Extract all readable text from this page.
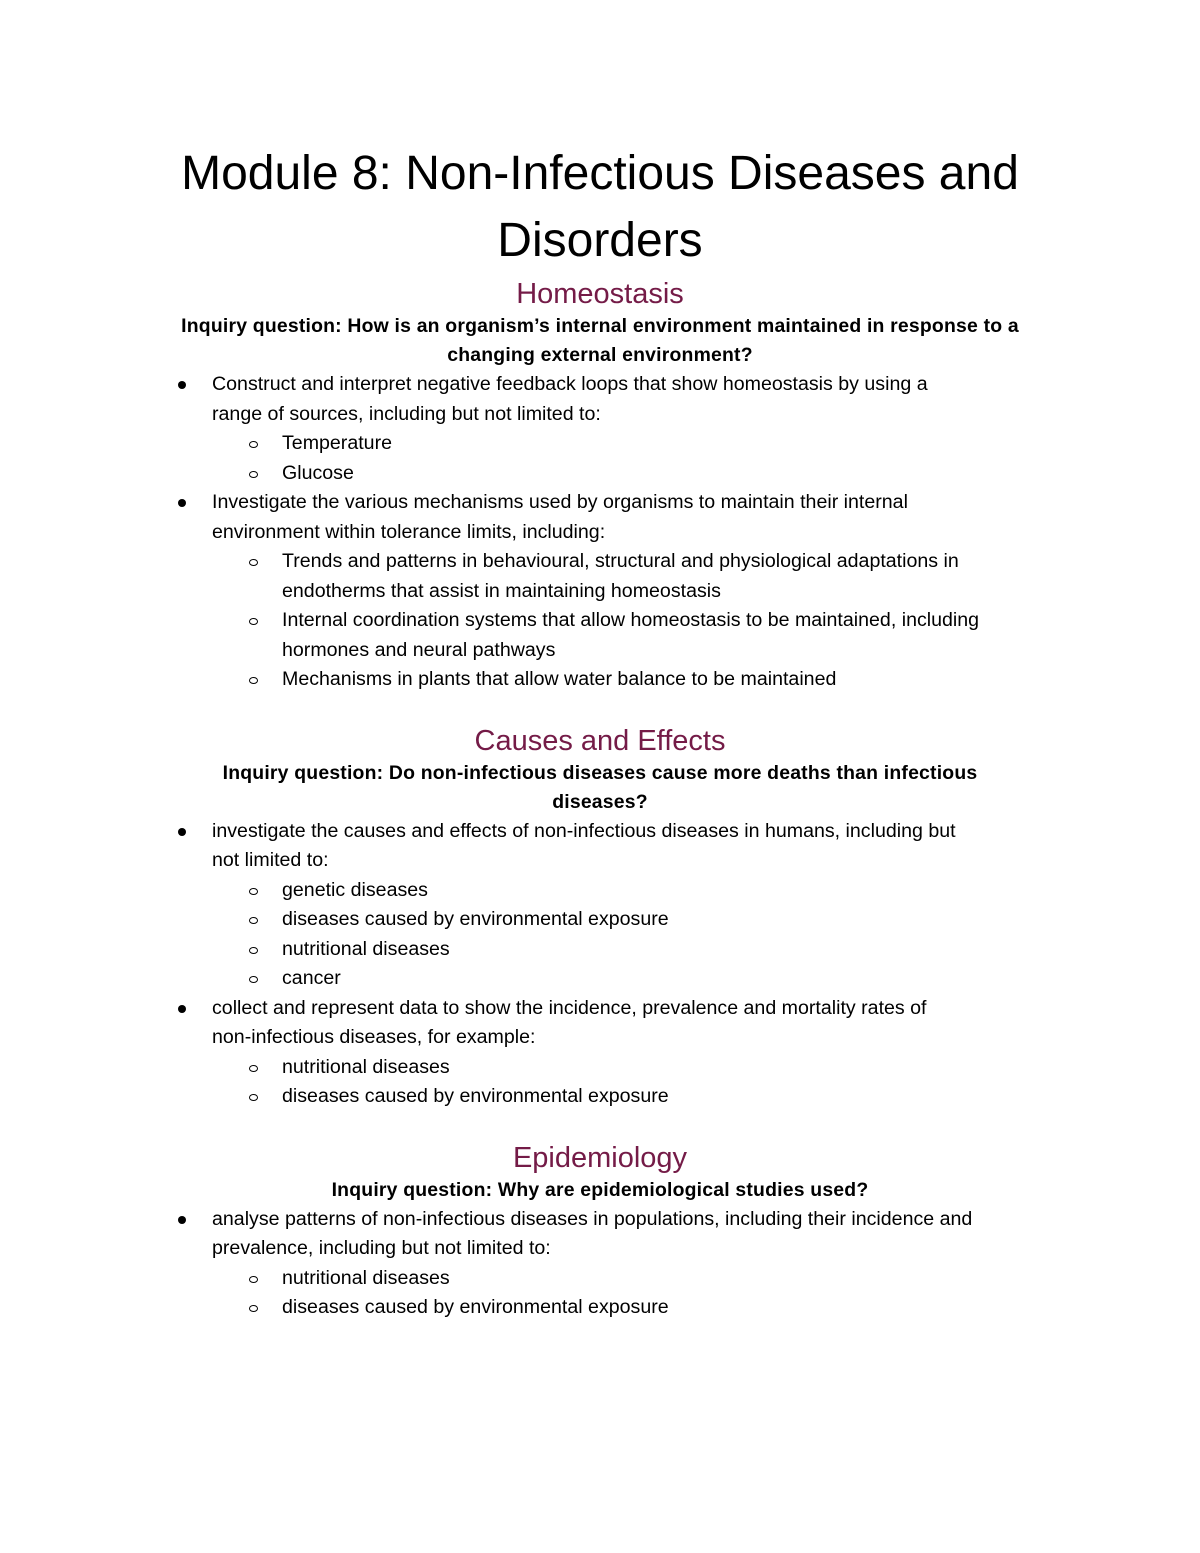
Module 8: Non-Infectious Diseases and
Disorders
Homeostasis
Inquiry question: How is an organism’s internal environment maintained in response to a
changing external environment?
Construct and interpret negative feedback loops that show homeostasis by using a
range of sources, including but not limited to:
Temperature
Glucose
Investigate the various mechanisms used by organisms to maintain their internal
environment within tolerance limits, including:
Trends and patterns in behavioural, structural and physiological adaptations in
endotherms that assist in maintaining homeostasis
Internal coordination systems that allow homeostasis to be maintained, including
hormones and neural pathways
Mechanisms in plants that allow water balance to be maintained
Causes and Effects
Inquiry question: Do non-infectious diseases cause more deaths than infectious
diseases?
investigate the causes and effects of non-infectious diseases in humans, including but
not limited to:
genetic diseases
diseases caused by environmental exposure
nutritional diseases
cancer
collect and represent data to show the incidence, prevalence and mortality rates of
non-infectious diseases, for example:
nutritional diseases
diseases caused by environmental exposure
Epidemiology
Inquiry question: Why are epidemiological studies used?
analyse patterns of non-infectious diseases in populations, including their incidence and
prevalence, including but not limited to:
nutritional diseases
diseases caused by environmental exposure
